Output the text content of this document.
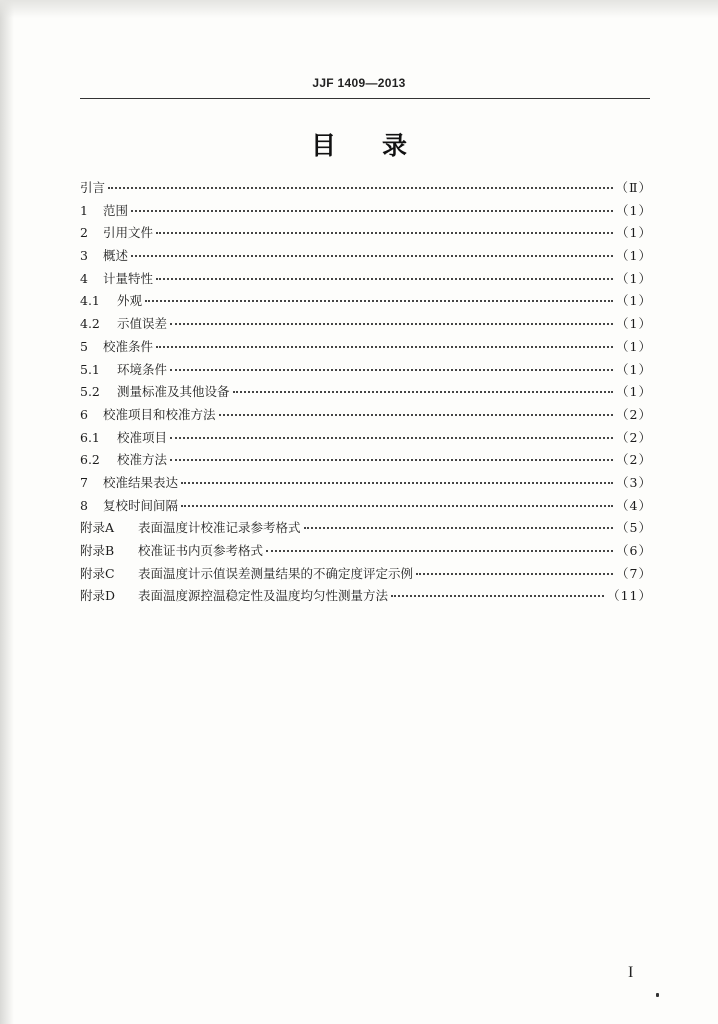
JJF 1409—2013
目 录
引言	（Ⅱ）
1	范围	（1）
2	引用文件	（1）
3	概述	（1）
4	计量特性	（1）
4.1	外观	（1）
4.2	示值误差	（1）
5	校准条件	（1）
5.1	环境条件	（1）
5.2	测量标准及其他设备	（1）
6	校准项目和校准方法	（2）
6.1	校准项目	（2）
6.2	校准方法	（2）
7	校准结果表达	（3）
8	复校时间间隔	（4）
附录A	表面温度计校准记录参考格式	（5）
附录B	校准证书内页参考格式	（6）
附录C	表面温度计示值误差测量结果的不确定度评定示例	（7）
附录D	表面温度源控温稳定性及温度均匀性测量方法	（11）
I
